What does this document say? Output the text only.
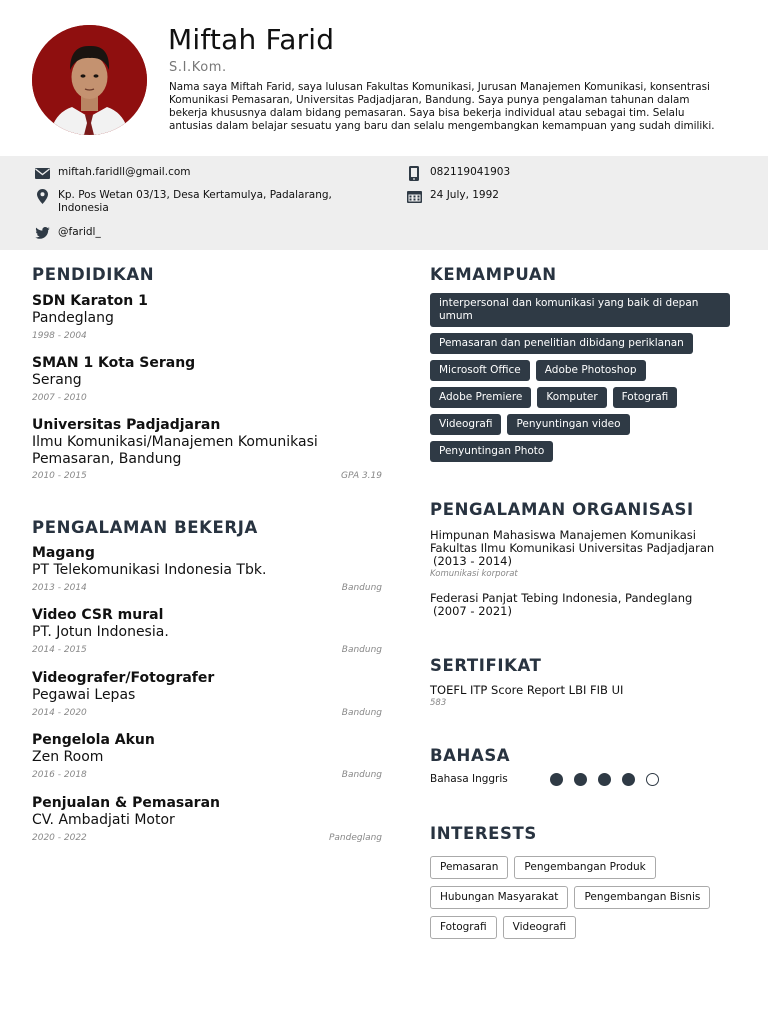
Miftah Farid
S.I.Kom.
Nama saya Miftah Farid, saya lulusan Fakultas Komunikasi, Jurusan Manajemen Komunikasi, konsentrasi Komunikasi Pemasaran, Universitas Padjadjaran, Bandung. Saya punya pengalaman tahunan dalam bekerja khususnya dalam bidang pemasaran. Saya bisa bekerja individual atau sebagai tim. Selalu antusias dalam belajar sesuatu yang baru dan selalu mengembangkan kemampuan yang sudah dimiliki.
miftah.faridll@gmail.com	082119041903
Kp. Pos Wetan 03/13, Desa Kertamulya, Padalarang, Indonesia
24 July, 1992
@faridl_
PENDIDIKAN
SDN Karaton 1
Pandeglang
1998 - 2004
SMAN 1 Kota Serang
Serang
2007 - 2010
Universitas Padjadjaran
Ilmu Komunikasi/Manajemen Komunikasi Pemasaran, Bandung
2010 - 2015	GPA 3.19
PENGALAMAN BEKERJA
Magang
PT Telekomunikasi Indonesia Tbk.
2013 - 2014	Bandung
Video CSR mural
PT. Jotun Indonesia.
2014 - 2015	Bandung
Videografer/Fotografer
Pegawai Lepas
2014 - 2020	Bandung
Pengelola Akun
Zen Room
2016 - 2018	Bandung
Penjualan & Pemasaran
CV. Ambadjati Motor
2020 - 2022	Pandeglang
KEMAMPUAN
interpersonal dan komunikasi yang baik di depan umum
Pemasaran dan penelitian dibidang periklanan
Microsoft Office	Adobe Photoshop
Adobe Premiere	Komputer	Fotografi
Videografi	Penyuntingan video
Penyuntingan Photo
PENGALAMAN ORGANISASI
Himpunan Mahasiswa Manajemen Komunikasi Fakultas Ilmu Komunikasi Universitas Padjadjaran
(2013 - 2014)
Komunikasi korporat
Federasi Panjat Tebing Indonesia, Pandeglang
(2007 - 2021)
SERTIFIKAT
TOEFL ITP Score Report LBI FIB UI
583
BAHASA
Bahasa Inggris
INTERESTS
Pemasaran	Pengembangan Produk
Hubungan Masyarakat	Pengembangan Bisnis
Fotografi	Videografi
